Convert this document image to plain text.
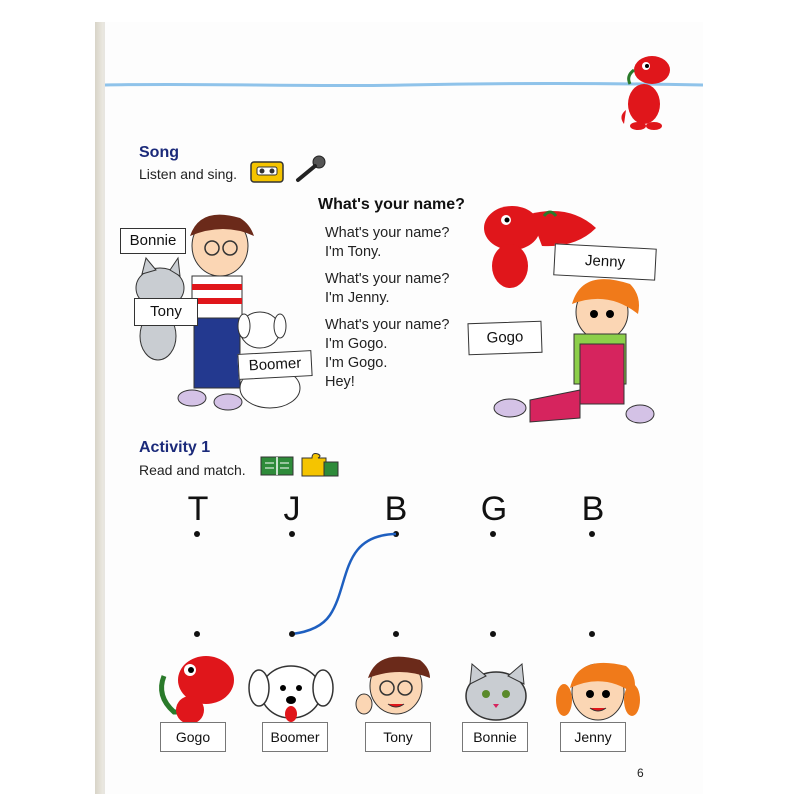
Song
Listen and sing.
What's your name?
What's your name?
I'm Tony.
What's your name?
I'm Jenny.
What's your name?
I'm Gogo.
I'm Gogo.
Hey!
Bonnie
Tony
Boomer
Jenny
Gogo
Activity 1
Read and match.
T	J	B G B
Gogo	Boomer	Tony	Bonnie	Jenny
6
